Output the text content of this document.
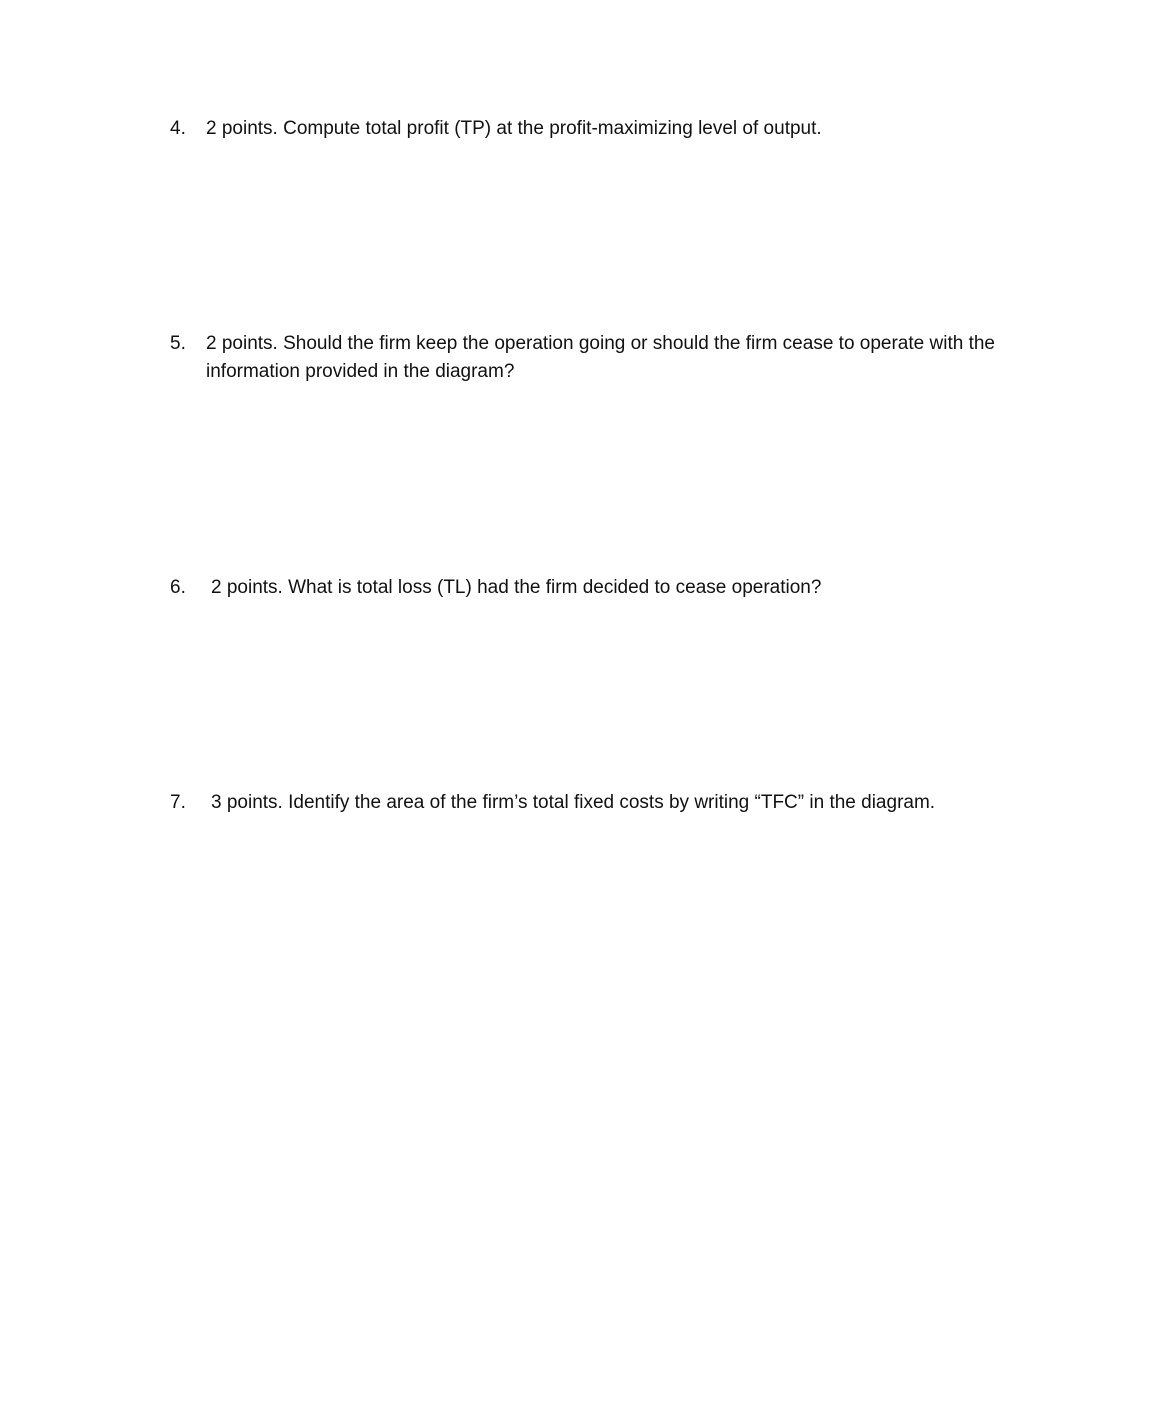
4. 2 points. Compute total profit (TP) at the profit-maximizing level of output.
5. 2 points. Should the firm keep the operation going or should the firm cease to operate with the information provided in the diagram?
6. 2 points. What is total loss (TL) had the firm decided to cease operation?
7. 3 points. Identify the area of the firm’s total fixed costs by writing “TFC” in the diagram.
